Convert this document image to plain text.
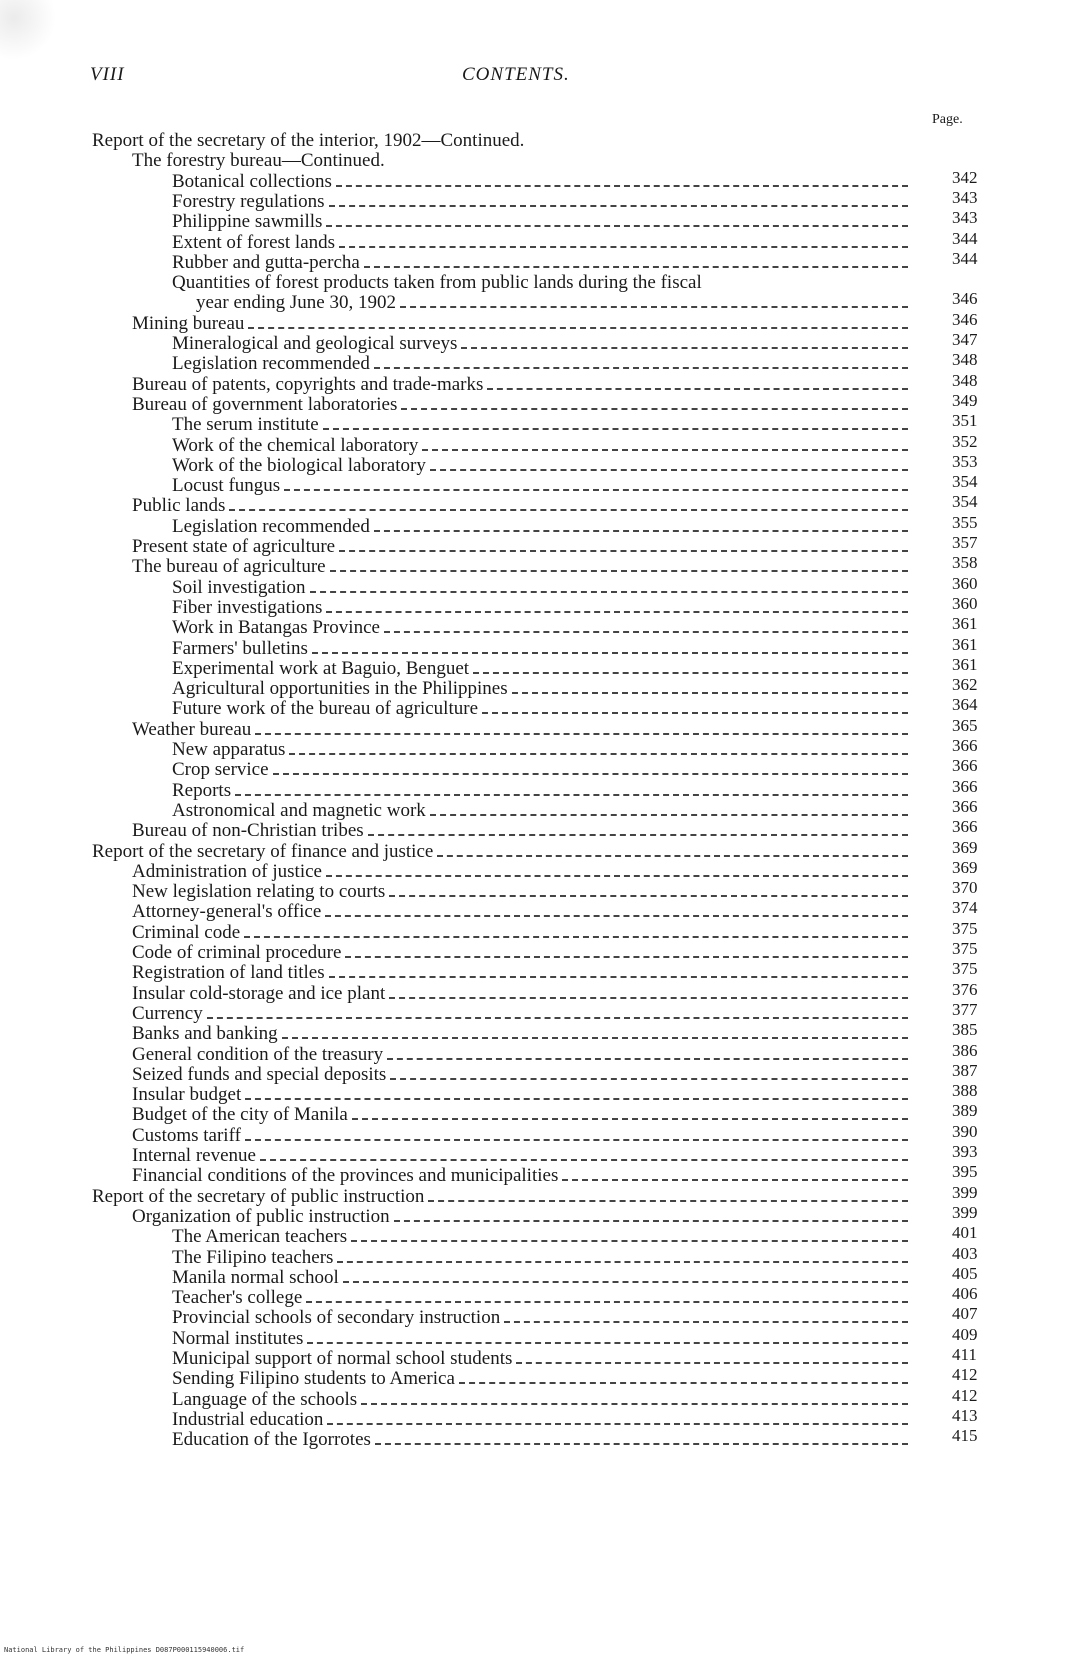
VIII	CONTENTS.
Page.
Report of the secretary of the interior, 1902—Continued.
The forestry bureau—Continued.
Botanical collections	342
Forestry regulations	343
Philippine sawmills	343
Extent of forest lands	344
Rubber and gutta-percha	344
Quantities of forest products taken from public lands during the fiscal
year ending June 30, 1902	346
Mining bureau	346
Mineralogical and geological surveys	347
Legislation recommended	348
Bureau of patents, copyrights and trade-marks	348
Bureau of government laboratories	349
The serum institute	351
Work of the chemical laboratory	352
Work of the biological laboratory	353
Locust fungus	354
Public lands	354
Legislation recommended	355
Present state of agriculture	357
The bureau of agriculture	358
Soil investigation	360
Fiber investigations	360
Work in Batangas Province	361
Farmers' bulletins	361
Experimental work at Baguio, Benguet	361
Agricultural opportunities in the Philippines	362
Future work of the bureau of agriculture	364
Weather bureau	365
New apparatus	366
Crop service	366
Reports	366
Astronomical and magnetic work	366
Bureau of non-Christian tribes	366
Report of the secretary of finance and justice	369
Administration of justice	369
New legislation relating to courts	370
Attorney-general's office	374
Criminal code	375
Code of criminal procedure	375
Registration of land titles	375
Insular cold-storage and ice plant	376
Currency	377
Banks and banking	385
General condition of the treasury	386
Seized funds and special deposits	387
Insular budget	388
Budget of the city of Manila	389
Customs tariff	390
Internal revenue	393
Financial conditions of the provinces and municipalities	395
Report of the secretary of public instruction	399
Organization of public instruction	399
The American teachers	401
The Filipino teachers	403
Manila normal school	405
Teacher's college	406
Provincial schools of secondary instruction	407
Normal institutes	409
Municipal support of normal school students	411
Sending Filipino students to America	412
Language of the schools	412
Industrial education	413
Education of the Igorrotes	415
National Library of the Philippines D087P000115940006.tif
